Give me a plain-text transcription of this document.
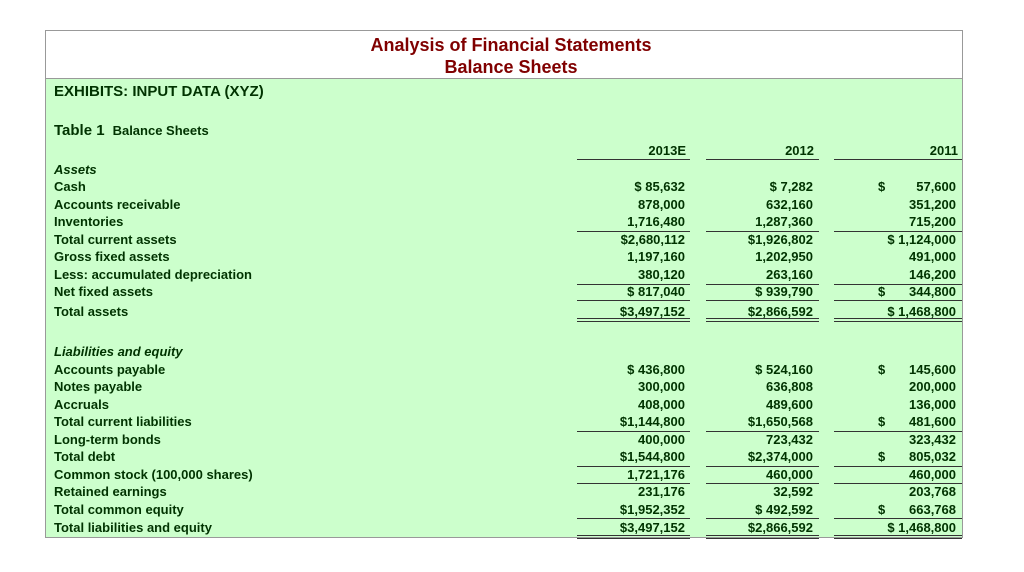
Analysis of Financial Statements
Balance Sheets
EXHIBITS: INPUT DATA (XYZ)
Table 1 Balance Sheets
2013E	2012	2011
Assets
Liabilities and equity
Cash	$ 85,632	$ 7,282	$	57,600
Accounts receivable	878,000	632,160	351,200
Inventories	1,716,480	1,287,360	715,200
Total current assets	$2,680,112	$1,926,802	$ 1,124,000
Gross fixed assets	1,197,160	1,202,950	491,000
Less: accumulated depreciation	380,120	263,160	146,200
Net fixed assets	$ 817,040	$ 939,790	$	344,800
Total assets	$3,497,152	$2,866,592	$ 1,468,800
Accounts payable	$ 436,800	$ 524,160	$	145,600
Notes payable	300,000	636,808	200,000
Accruals	408,000	489,600	136,000
Total current liabilities	$1,144,800	$1,650,568	$	481,600
Long-term bonds	400,000	723,432	323,432
Total debt	$1,544,800	$2,374,000	$	805,032
Common stock (100,000 shares)	1,721,176	460,000	460,000
Retained earnings	231,176	32,592	203,768
Total common equity	$1,952,352	$ 492,592	$	663,768
Total liabilities and equity	$3,497,152	$2,866,592	$ 1,468,800
